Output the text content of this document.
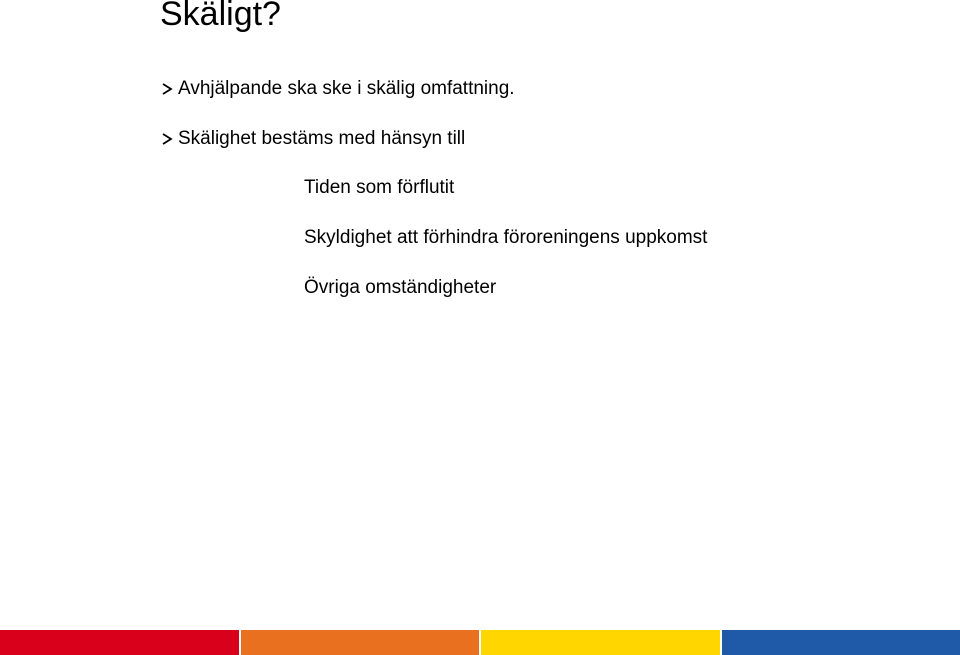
Skäligt?
Avhjälpande ska ske i skälig omfattning.
Skälighet bestäms med hänsyn till
Tiden som förflutit
Skyldighet att förhindra föroreningens uppkomst
Övriga omständigheter
